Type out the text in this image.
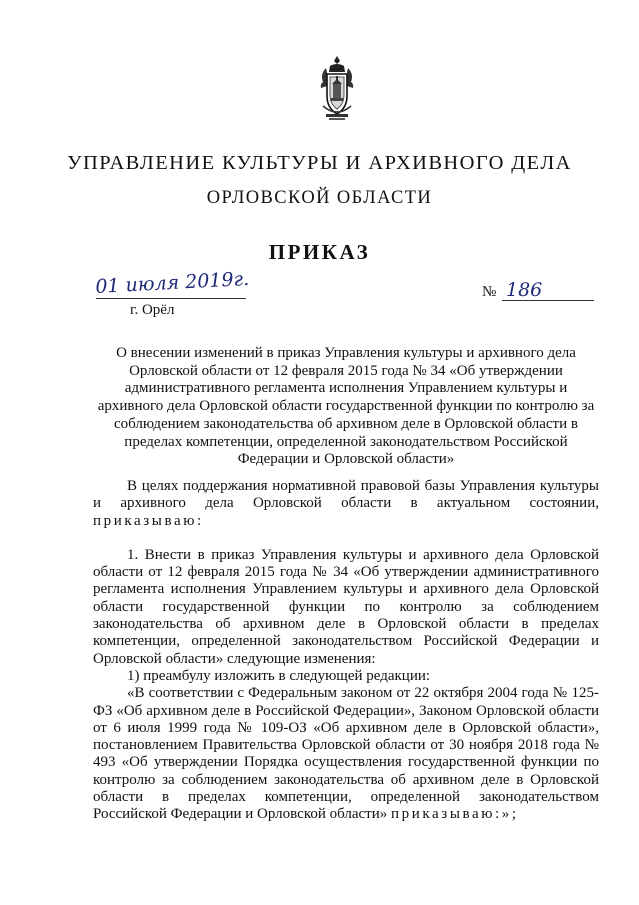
УПРАВЛЕНИЕ КУЛЬТУРЫ И АРХИВНОГО ДЕЛА
ОРЛОВСКОЙ ОБЛАСТИ
ПРИКАЗ
01 июля 2019г.
г. Орёл
№ 186
О внесении изменений в приказ Управления культуры и архивного дела Орловской области от 12 февраля 2015 года № 34 «Об утверждении административного регламента исполнения Управлением культуры и архивного дела Орловской области государственной функции по контролю за соблюдением законодательства об архивном деле в Орловской области в пределах компетенции, определенной законодательством Российской Федерации и Орловской области»

В целях поддержания нормативной правовой базы Управления культуры и архивного дела Орловской области в актуальном состоянии, приказываю:

1. Внести в приказ Управления культуры и архивного дела Орловской области от 12 февраля 2015 года № 34 «Об утверждении административного регламента исполнения Управлением культуры и архивного дела Орловской области государственной функции по контролю за соблюдением законодательства об архивном деле в Орловской области в пределах компетенции, определенной законодательством Российской Федерации и Орловской области» следующие изменения:

1) преамбулу изложить в следующей редакции:

«В соответствии с Федеральным законом от 22 октября 2004 года № 125-ФЗ «Об архивном деле в Российской Федерации», Законом Орловской области от 6 июля 1999 года № 109-ОЗ «Об архивном деле в Орловской области», постановлением Правительства Орловской области от 30 ноября 2018 года № 493 «Об утверждении Порядка осуществления государственной функции по контролю за соблюдением законодательства об архивном деле в Орловской области в пределах компетенции, определенной законодательством Российской Федерации и Орловской области» приказываю:»;
